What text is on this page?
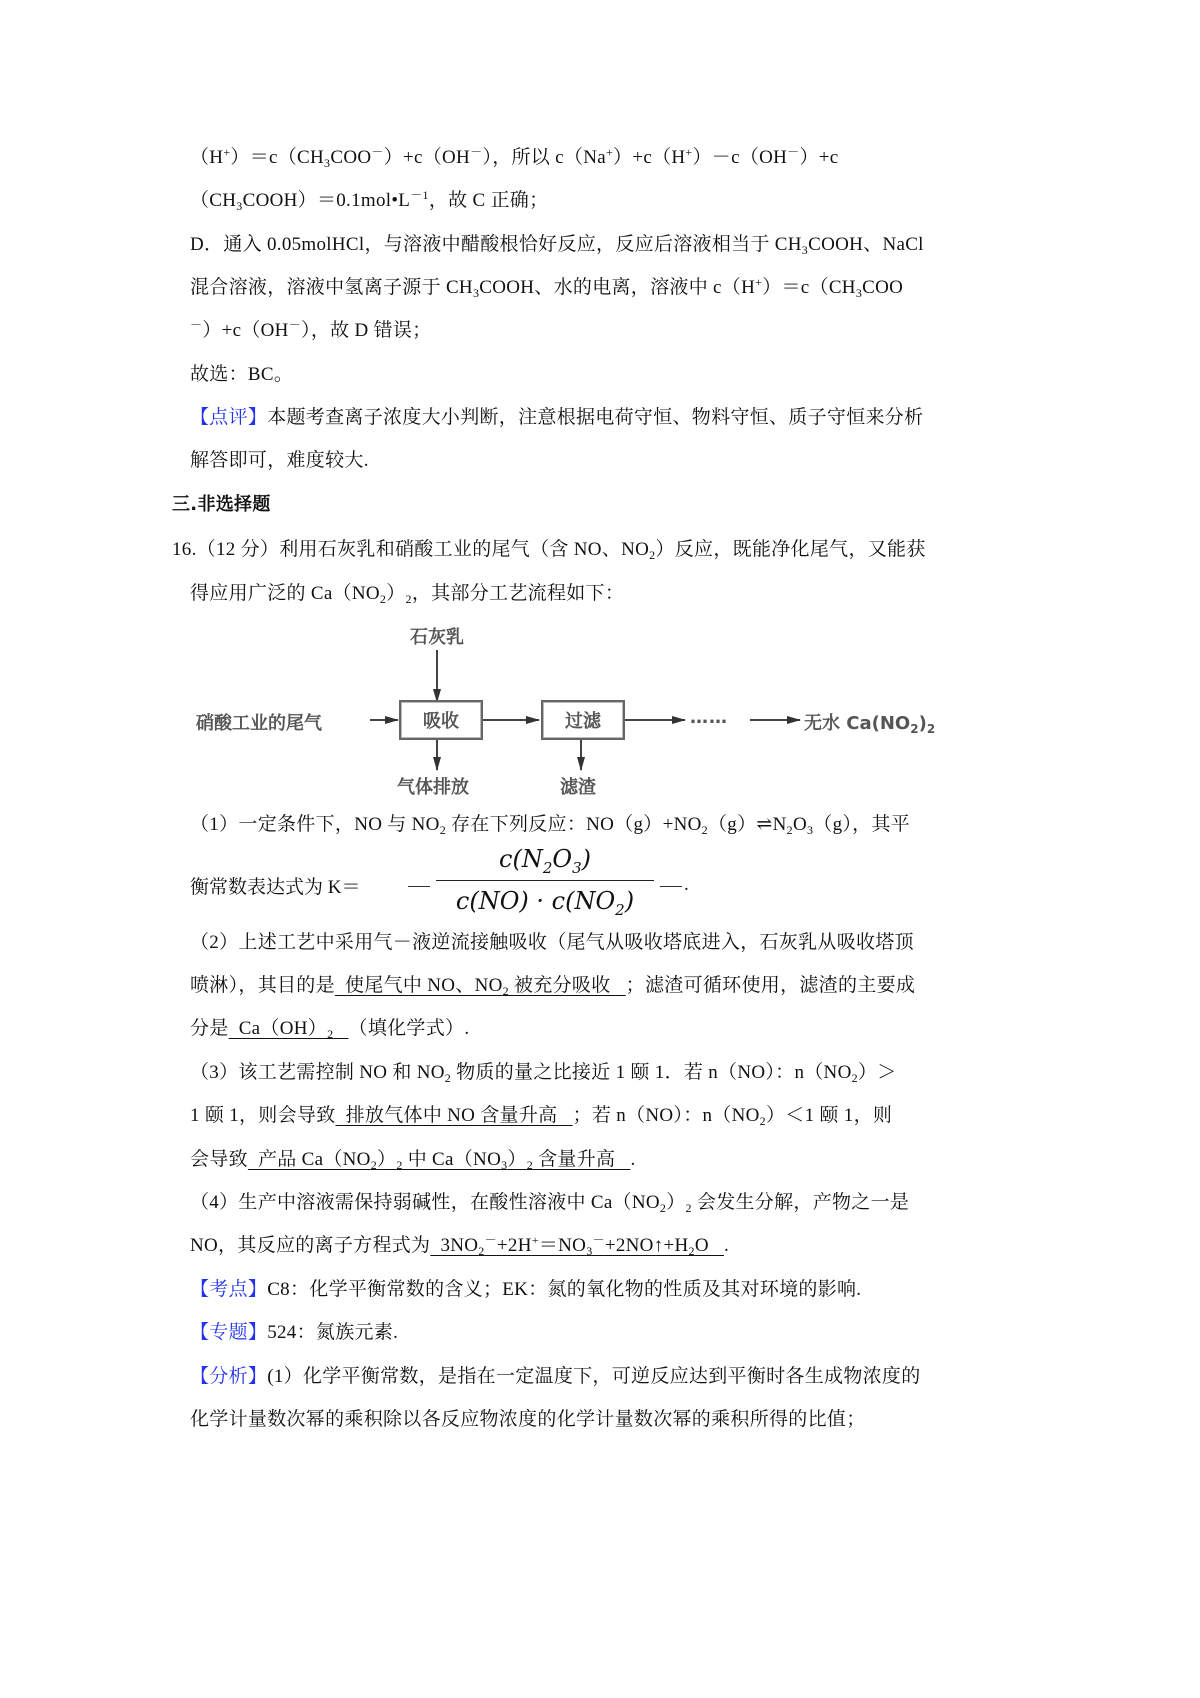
$(H^+)=c(CH_3COO^-)+c(OH^-)$，所以 c（Na+）+c（H+）－c（OH－）+c
$(CH_3COOH)=0.1mol•L^{-1}$，故 C 正确；
D．通入 0.05molHCl，与溶液中醋酸根恰好反应，反应后溶液相当于 $CH_3COOH$、NaCl
混合溶液，溶液中氢离子源于 $CH_3COOH$、水的电离，溶液中 $c(H^+)=c(CH_3COO$
－）+c（OH－），故 D 错误；
故选：BC。
【点评】本题考查离子浓度大小判断，注意根据电荷守恒、物料守恒、质子守恒来分析
解答即可，难度较大.
三.非选择题
16.（12 分）利用石灰乳和硝酸工业的尾气（含 NO、$NO_2$）反应，既能净化尾气，又能获
得应用广泛的 $Ca(NO_2)_2$，其部分工艺流程如下：
石灰乳
硝酸工业的尾气	吸收	过滤	……	无水 $Ca(NO_2)_2$
气体排放	滤渣
（1）一定条件下，NO 与 $NO_2$ 存在下列反应：$NO(g)+NO_2(g)\rightleftharpoons N_2O_3(g)$，其平
衡常数表达式为 K＝
$c(N_2O_3)$
$c(NO) \cdot c(NO_2)$
.
（2）上述工艺中采用气－液逆流接触吸收（尾气从吸收塔底进入，石灰乳从吸收塔顶
喷淋），其目的是  使尾气中 NO、$NO_2$ 被充分吸收   ；滤渣可循环使用，滤渣的主要成
分是  $Ca(OH)_2$ （填化学式）.
（3）该工艺需控制 NO 和 $NO_2$ 物质的量之比接近 1 颐 1．若 n（NO）：$n(NO_2)>$
1 颐 1，则会导致  排放气体中 NO 含量升高   ；若 n（NO）：$n(NO_2)<1$ 颐 1，则
会导致  产品 $Ca(NO_2)_2$ 中 $Ca(NO_3)_2$ 含量升高   .
（4）生产中溶液需保持弱碱性，在酸性溶液中 $Ca(NO_2)_2$ 会发生分解，产物之一是
NO，其反应的离子方程式为  $3NO_2^-+2H^+=NO_3^-+2NO↑+H_2O$   .
【考点】C8：化学平衡常数的含义；EK：氮的氧化物的性质及其对环境的影响.
【专题】524：氮族元素.
【分析】(1）化学平衡常数，是指在一定温度下，可逆反应达到平衡时各生成物浓度的
化学计量数次幂的乘积除以各反应物浓度的化学计量数次幂的乘积所得的比值；
